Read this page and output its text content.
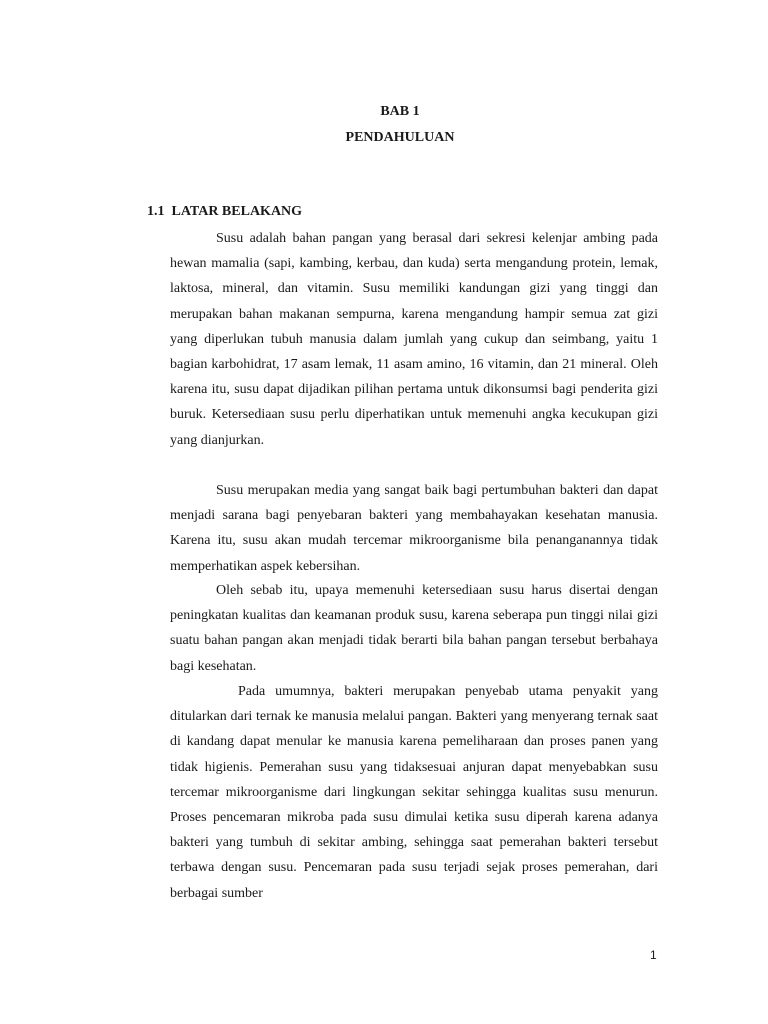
BAB 1
PENDAHULUAN
1.1  LATAR BELAKANG

Susu adalah bahan pangan yang berasal dari sekresi kelenjar ambing pada hewan mamalia (sapi, kambing, kerbau, dan kuda) serta mengandung protein, lemak, laktosa, mineral, dan vitamin. Susu memiliki kandungan gizi yang tinggi dan merupakan bahan makanan sempurna, karena mengandung hampir semua zat gizi yang diperlukan tubuh manusia dalam jumlah yang cukup dan seimbang, yaitu 1 bagian karbohidrat, 17 asam lemak, 11 asam amino, 16 vitamin, dan 21 mineral. Oleh karena itu, susu dapat dijadikan pilihan pertama untuk dikonsumsi bagi penderita gizi buruk. Ketersediaan susu perlu diperhatikan untuk memenuhi angka kecukupan gizi yang dianjurkan.

Susu merupakan media yang sangat baik bagi pertumbuhan bakteri dan dapat menjadi sarana bagi penyebaran bakteri yang membahayakan kesehatan manusia. Karena itu, susu akan mudah tercemar mikroorganisme bila penanganannya tidak memperhatikan aspek kebersihan.

Oleh sebab itu, upaya memenuhi ketersediaan susu harus disertai dengan peningkatan kualitas dan keamanan produk susu, karena seberapa pun tinggi nilai gizi suatu bahan pangan akan menjadi tidak berarti bila bahan pangan tersebut berbahaya bagi kesehatan.

Pada umumnya, bakteri merupakan penyebab utama penyakit yang ditularkan dari ternak ke manusia melalui pangan. Bakteri yang menyerang ternak saat di kandang dapat menular ke manusia karena pemeliharaan dan proses panen yang tidak higienis. Pemerahan susu yang tidaksesuai anjuran dapat menyebabkan susu tercemar mikroorganisme dari lingkungan sekitar sehingga kualitas susu menurun. Proses pencemaran mikroba pada susu dimulai ketika susu diperah karena adanya bakteri yang tumbuh di sekitar ambing, sehingga saat pemerahan bakteri tersebut terbawa dengan susu. Pencemaran pada susu terjadi sejak proses pemerahan, dari berbagai sumber

1
